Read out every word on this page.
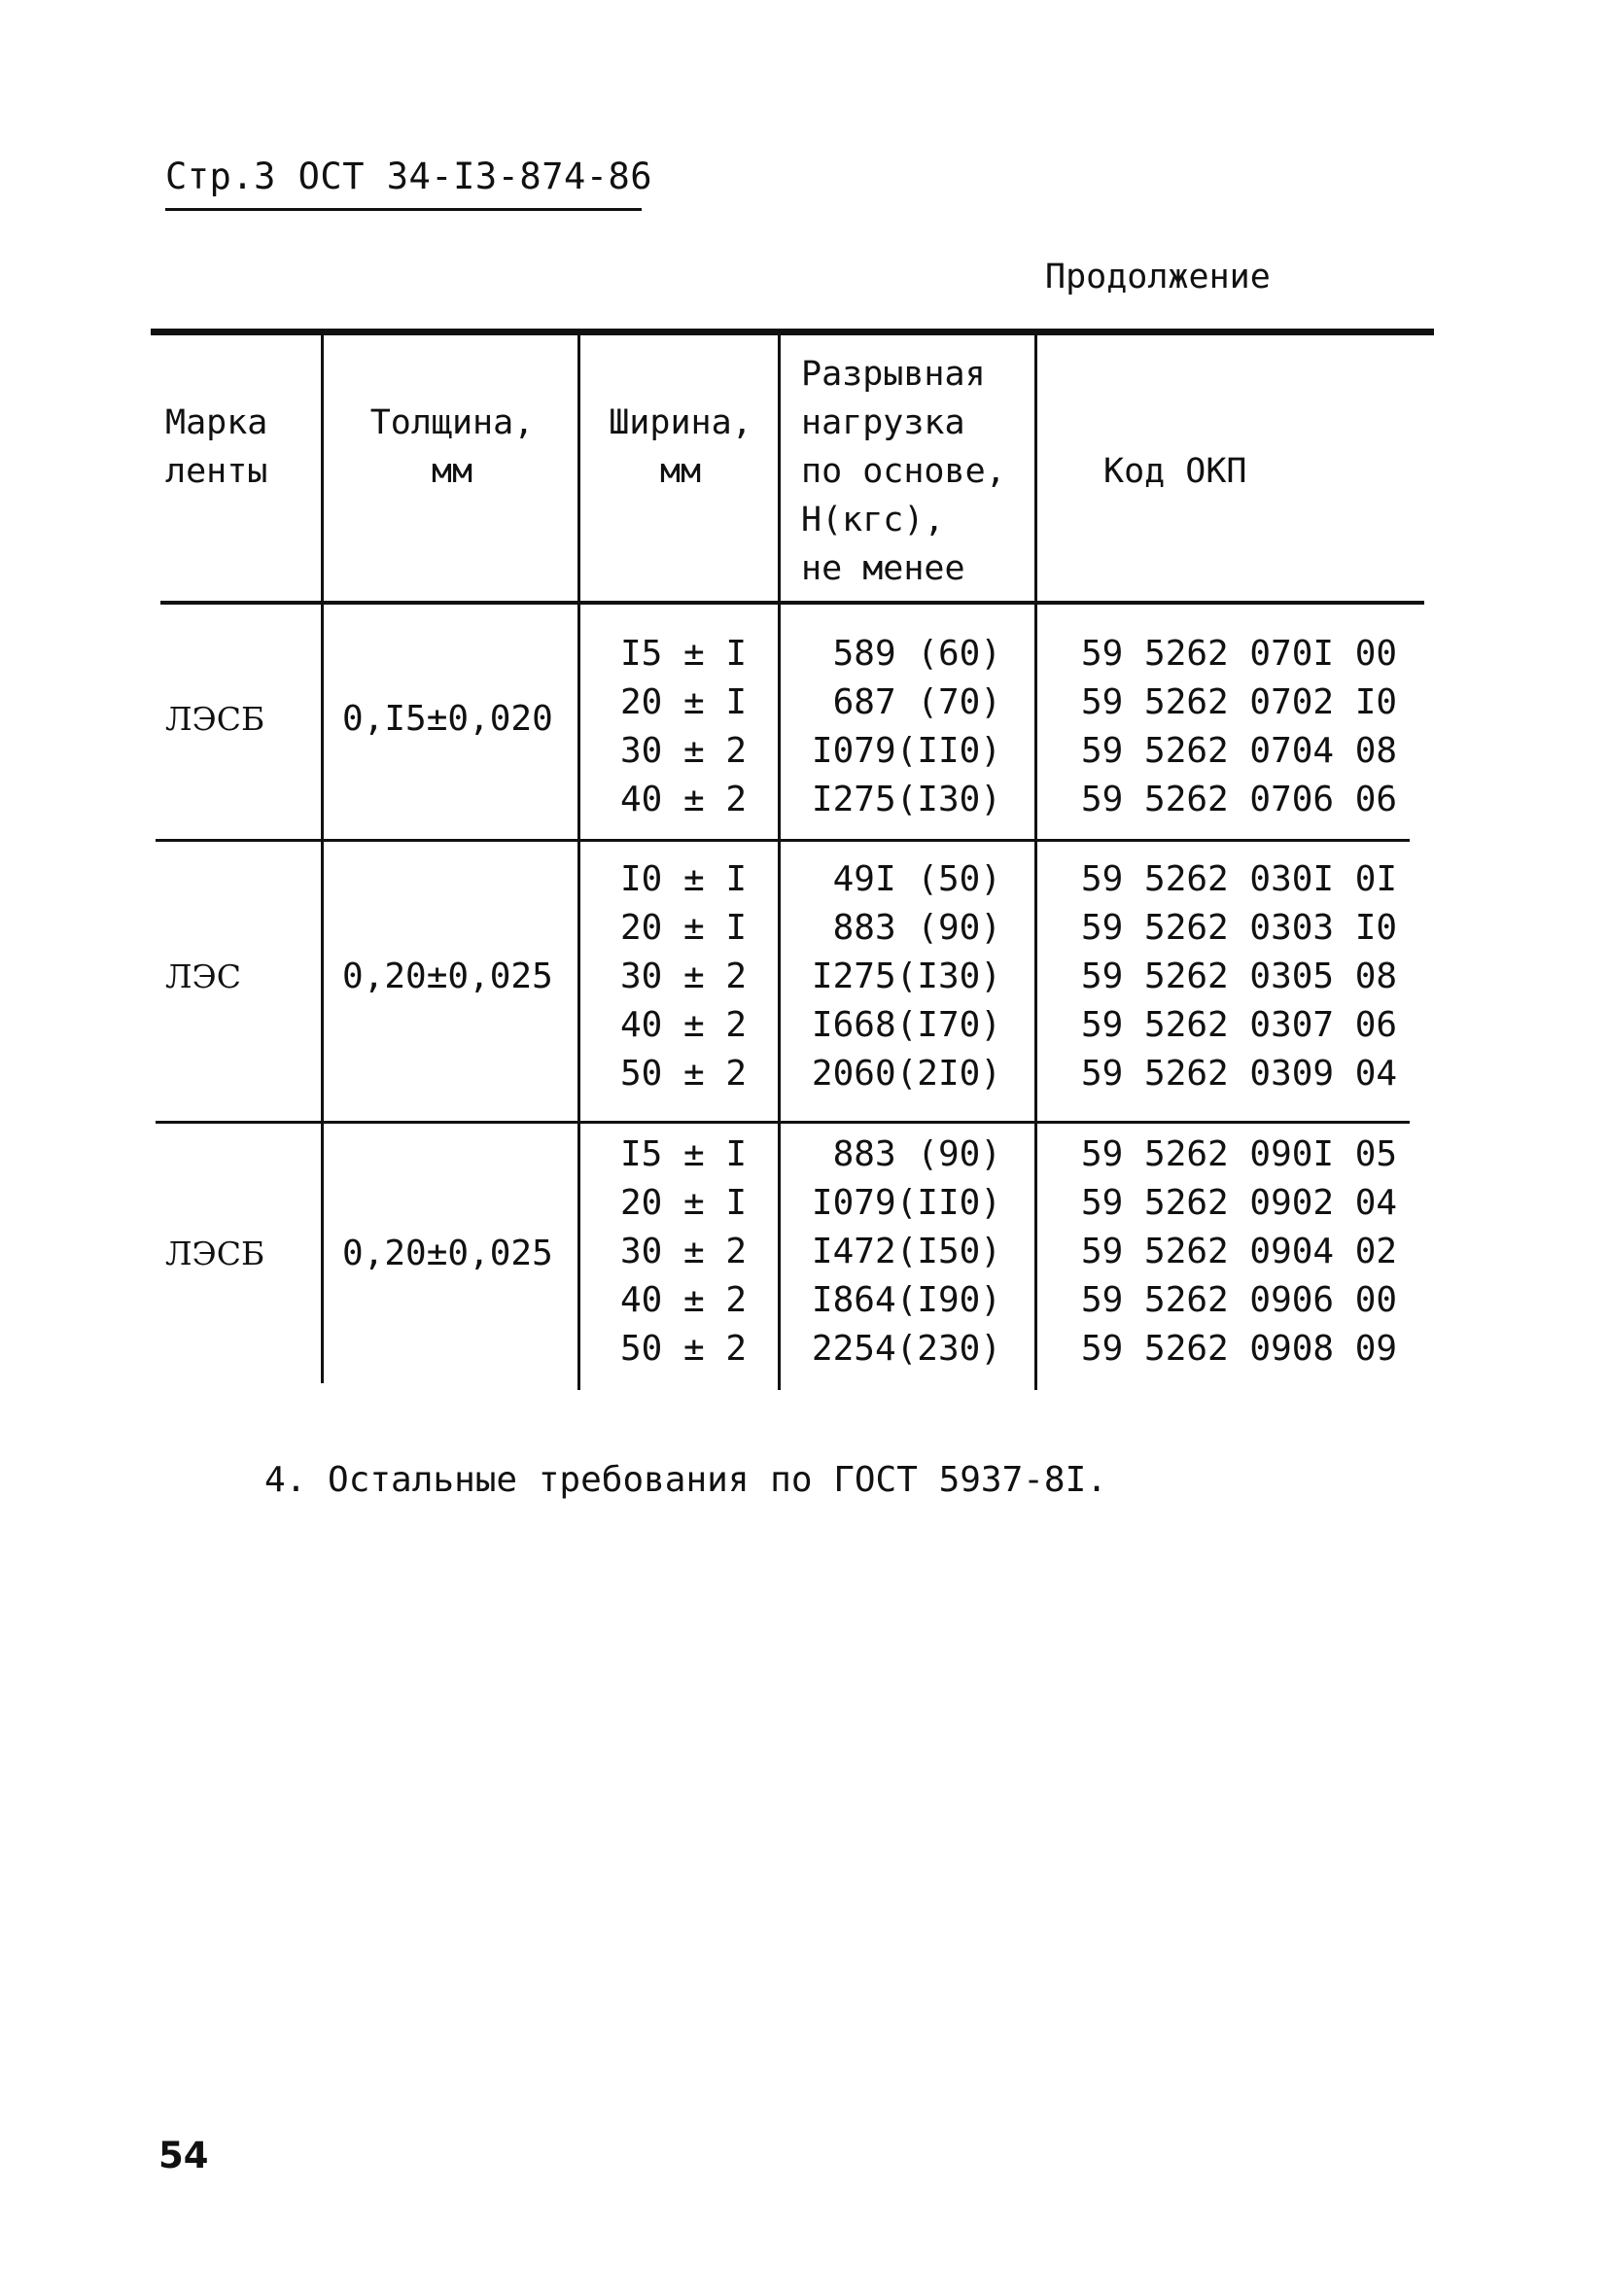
Стр.3 ОСТ 34-I3-874-86
Продолжение
Марка
ленты
Толщина,
мм
Ширина,
мм
Разрывная
нагрузка
по основе,
Н(кгс),
не менее
Код ОКП
ЛЭСБ 0,I5±0,020
I5 ± I
20 ± I
30 ± 2
40 ± 2
589 (60)
687 (70)
I079(II0)
I275(I30)
59 5262 070I 00
59 5262 0702 I0
59 5262 0704 08
59 5262 0706 06
ЛЭС	0,20±0,025
I0 ± I
20 ± I
30 ± 2
40 ± 2
50 ± 2
49I (50)
883 (90)
I275(I30)
I668(I70)
2060(2I0)
59 5262 030I 0I
59 5262 0303 I0
59 5262 0305 08
59 5262 0307 06
59 5262 0309 04
ЛЭСБ 0,20±0,025
I5 ± I
20 ± I
30 ± 2
40 ± 2
50 ± 2
883 (90)
I079(II0)
I472(I50)
I864(I90)
2254(230)
59 5262 090I 05
59 5262 0902 04
59 5262 0904 02
59 5262 0906 00
59 5262 0908 09
4. Остальные требования по ГОСТ 5937-8I.
54
